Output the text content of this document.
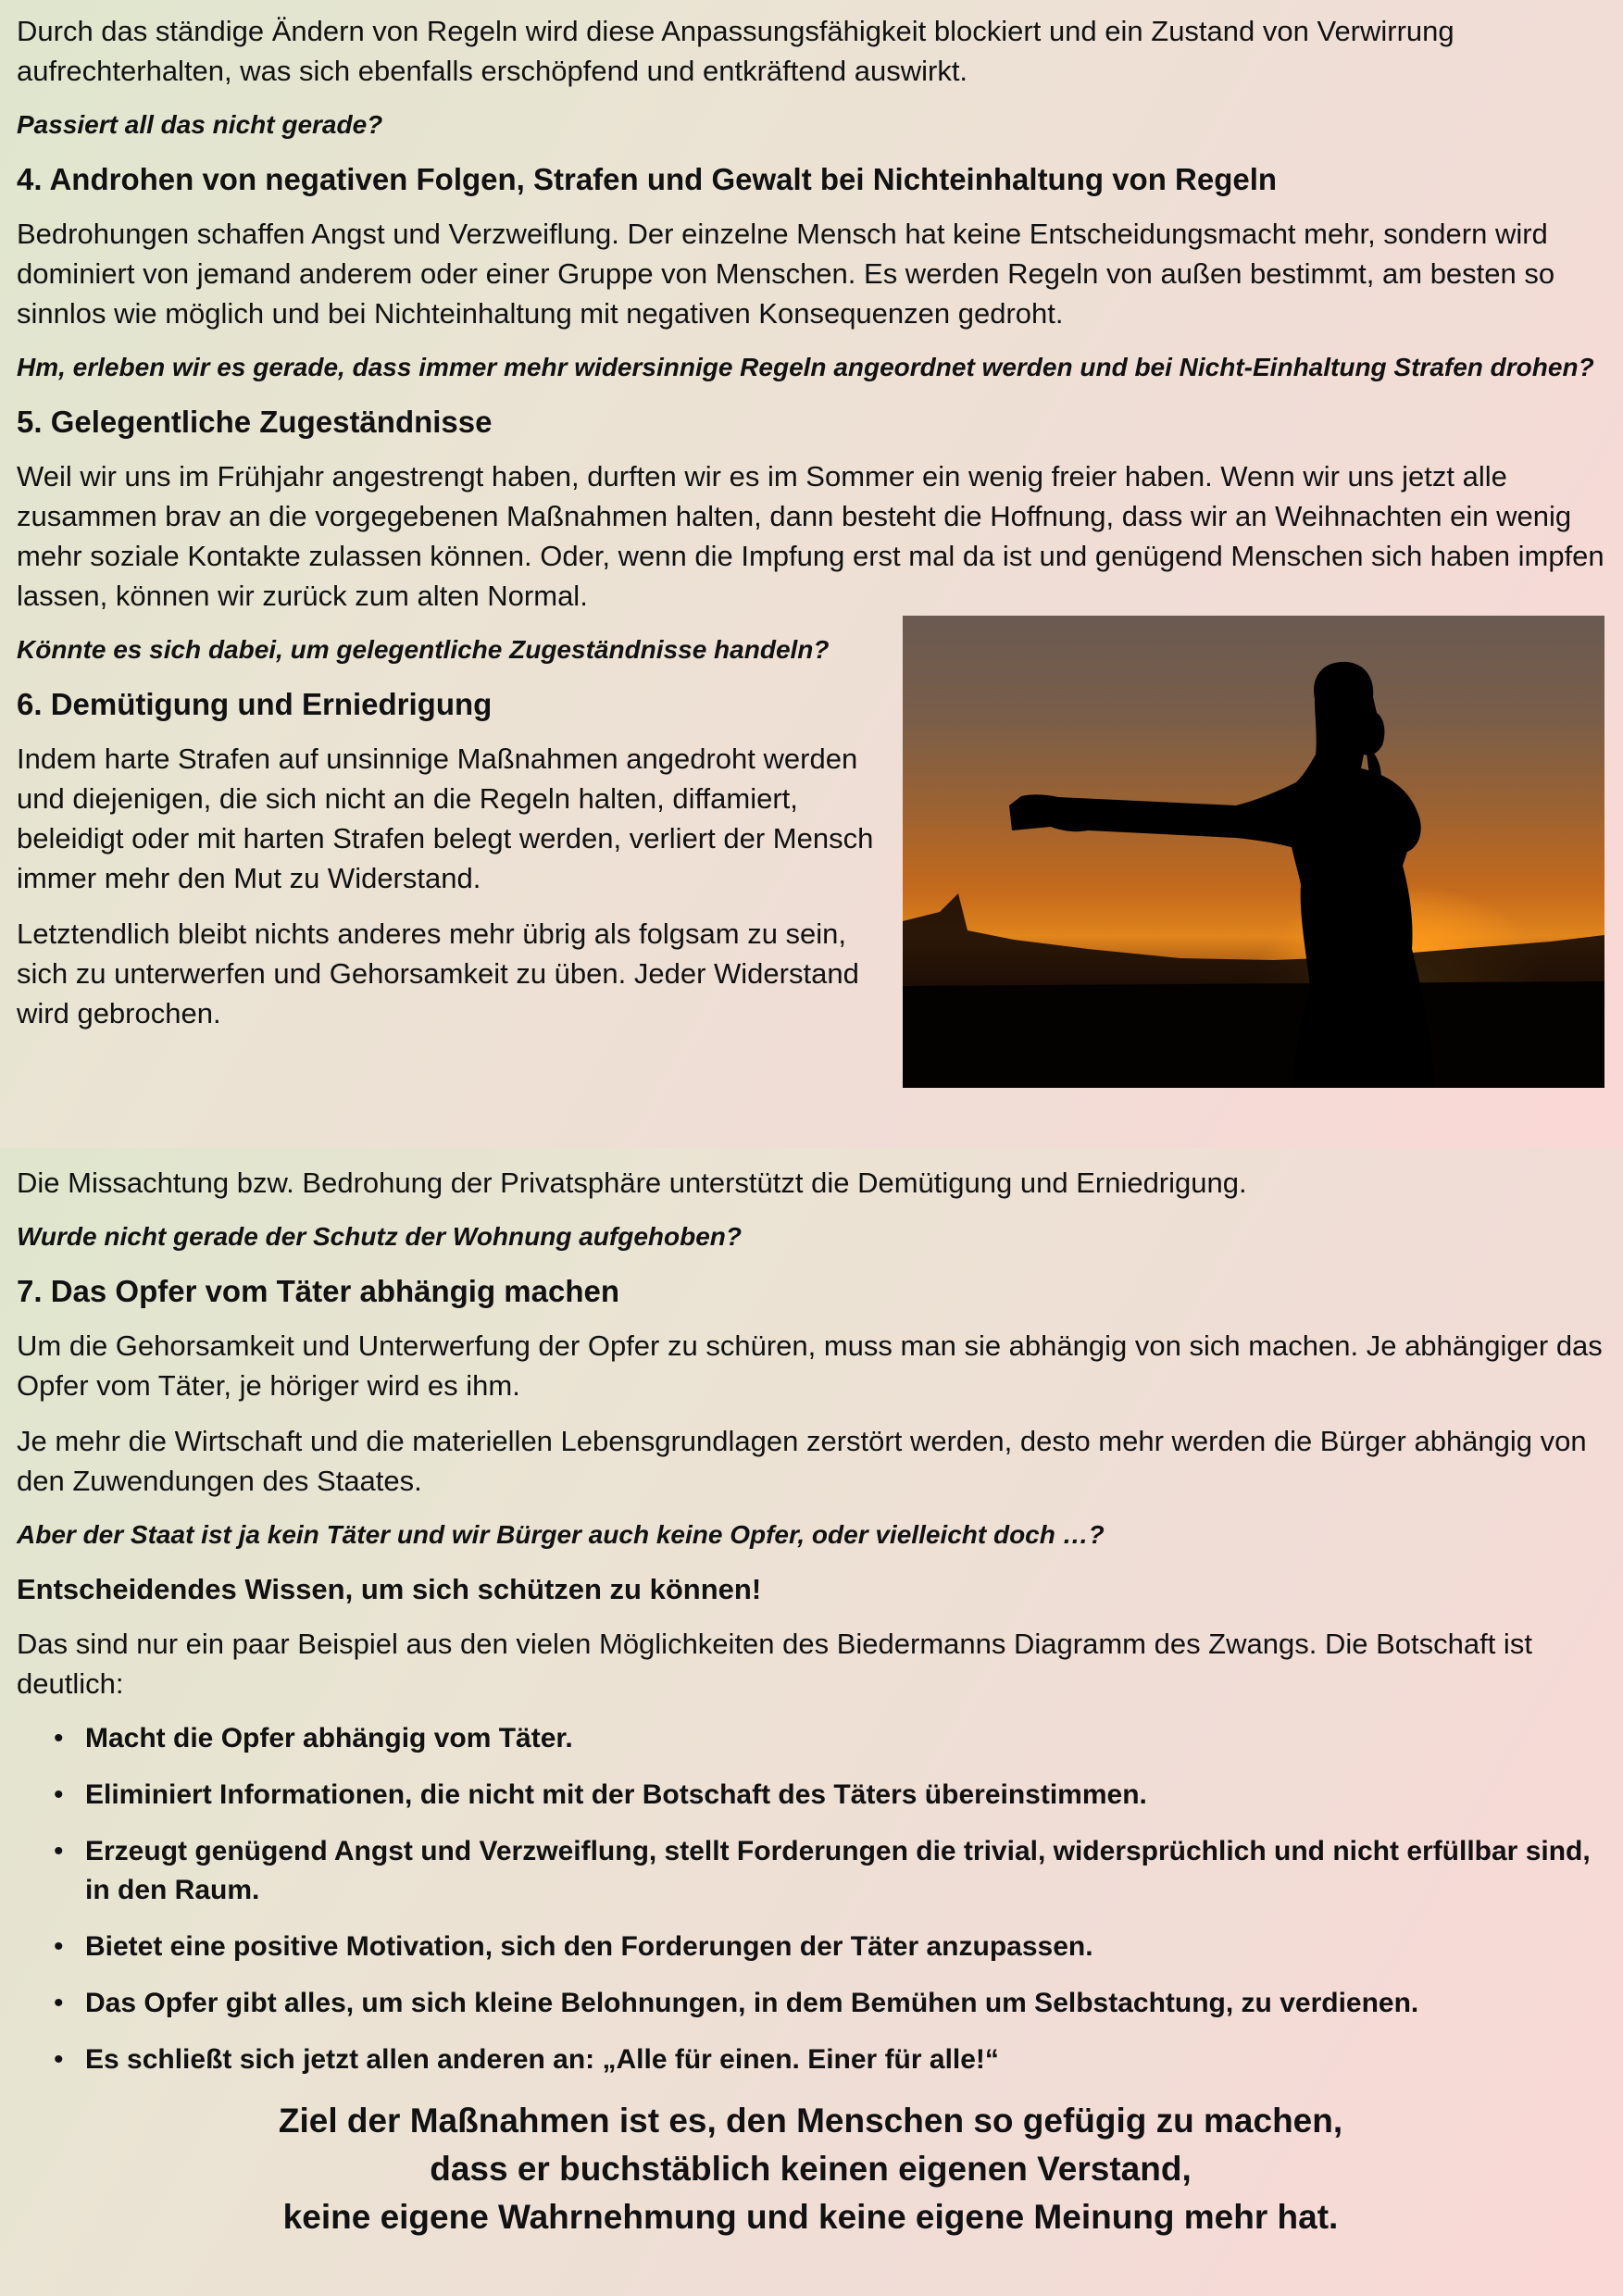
Durch das ständige Ändern von Regeln wird diese Anpassungsfähigkeit blockiert und ein Zustand von Verwirrung aufrechterhalten, was sich ebenfalls erschöpfend und entkräftend auswirkt.

Passiert all das nicht gerade?

4. Androhen von negativen Folgen, Strafen und Gewalt bei Nichteinhaltung von Regeln

Bedrohungen schaffen Angst und Verzweiflung. Der einzelne Mensch hat keine Entscheidungsmacht mehr, sondern wird dominiert von jemand anderem oder einer Gruppe von Menschen. Es werden Regeln von außen bestimmt, am besten so sinnlos wie möglich und bei Nichteinhaltung mit negativen Konsequenzen gedroht.

Hm, erleben wir es gerade, dass immer mehr widersinnige Regeln angeordnet werden und bei Nicht-Einhaltung Strafen drohen?

5. Gelegentliche Zugeständnisse

Weil wir uns im Frühjahr angestrengt haben, durften wir es im Sommer ein wenig freier haben. Wenn wir uns jetzt alle zusammen brav an die vorgegebenen Maßnahmen halten, dann besteht die Hoffnung, dass wir an Weihnachten ein wenig mehr soziale Kontakte zulassen können. Oder, wenn die Impfung erst mal da ist und genügend Menschen sich haben impfen lassen, können wir zurück zum alten Normal.

Könnte es sich dabei, um gelegentliche Zugeständnisse handeln?

6. Demütigung und Erniedrigung

Indem harte Strafen auf unsinnige Maßnahmen angedroht werden und diejenigen, die sich nicht an die Regeln halten, diffamiert, beleidigt oder mit harten Strafen belegt werden, verliert der Mensch immer mehr den Mut zu Widerstand.

Letztendlich bleibt nichts anderes mehr übrig als folgsam zu sein, sich zu unterwerfen und Gehorsamkeit zu üben. Jeder Widerstand wird gebrochen.

Die Missachtung bzw. Bedrohung der Privatsphäre unterstützt die Demütigung und Erniedrigung.

Wurde nicht gerade der Schutz der Wohnung aufgehoben?

7. Das Opfer vom Täter abhängig machen

Um die Gehorsamkeit und Unterwerfung der Opfer zu schüren, muss man sie abhängig von sich machen. Je abhängiger das Opfer vom Täter, je höriger wird es ihm.

Je mehr die Wirtschaft und die materiellen Lebensgrundlagen zerstört werden, desto mehr werden die Bürger abhängig von den Zuwendungen des Staates.

Aber der Staat ist ja kein Täter und wir Bürger auch keine Opfer, oder vielleicht doch …?

Entscheidendes Wissen, um sich schützen zu können!

Das sind nur ein paar Beispiel aus den vielen Möglichkeiten des Biedermanns Diagramm des Zwangs. Die Botschaft ist deutlich:

• Macht die Opfer abhängig vom Täter.
• Eliminiert Informationen, die nicht mit der Botschaft des Täters übereinstimmen.
• Erzeugt genügend Angst und Verzweiflung, stellt Forderungen die trivial, widersprüchlich und nicht erfüllbar sind, in den Raum.
• Bietet eine positive Motivation, sich den Forderungen der Täter anzupassen.
• Das Opfer gibt alles, um sich kleine Belohnungen, in dem Bemühen um Selbstachtung, zu verdienen.
• Es schließt sich jetzt allen anderen an: „Alle für einen. Einer für alle!“
Ziel der Maßnahmen ist es, den Menschen so gefügig zu machen,
dass er buchstäblich keinen eigenen Verstand,
keine eigene Wahrnehmung und keine eigene Meinung mehr hat.
